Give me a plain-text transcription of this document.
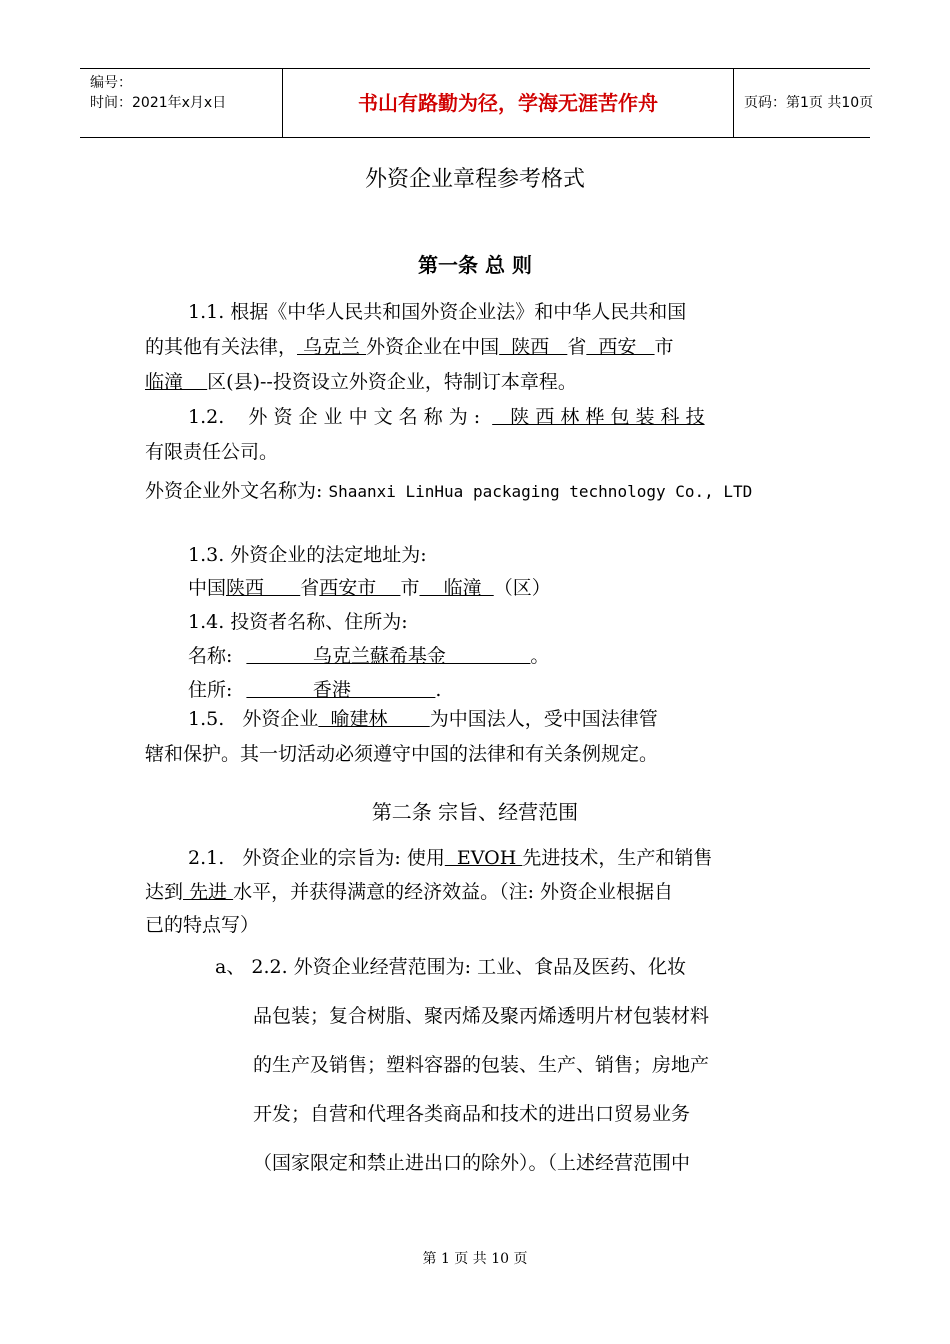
编号：
时间：2021年x月x日	书山有路勤为径，学海无涯苦作舟	页码：第1页 共10页
外资企业章程参考格式
第一条 总 则
1.1. 根据《中华人民共和国外资企业法》和中华人民共和国
的其他有关法律， 乌克兰 外资企业在中国  陕西   省  西安   市
临潼    区(县)--投资设立外资企业，特制订本章程。
1.2.    外 资 企 业 中 文 名 称 为 :   陕 西 林 桦 包 装 科 技
有限责任公司。
外资企业外文名称为: Shaanxi LinHua packaging technology Co., LTD
1.3. 外资企业的法定地址为:
中国陕西      省西安市    市    临潼  （区）
1.4. 投资者名称、住所为:
名称:           乌克兰蘇希基金              。
住所:           香港              .
1.5.   外资企业  喻建林       为中国法人，受中国法律管
辖和保护。其一切活动必须遵守中国的法律和有关条例规定。
第二条 宗旨、经营范围
2.1.   外资企业的宗旨为: 使用  EVOH 先进技术，生产和销售
达到 先进 水平，并获得满意的经济效益。（注: 外资企业根据自
已的特点写）
a、 2.2. 外资企业经营范围为: 工业、食品及医药、化妆
品包装；复合树脂、聚丙烯及聚丙烯透明片材包装材料
的生产及销售；塑料容器的包装、生产、销售；房地产
开发；自营和代理各类商品和技术的进出口贸易业务
（国家限定和禁止进出口的除外）。（上述经营范围中
第 1 页 共 10 页
